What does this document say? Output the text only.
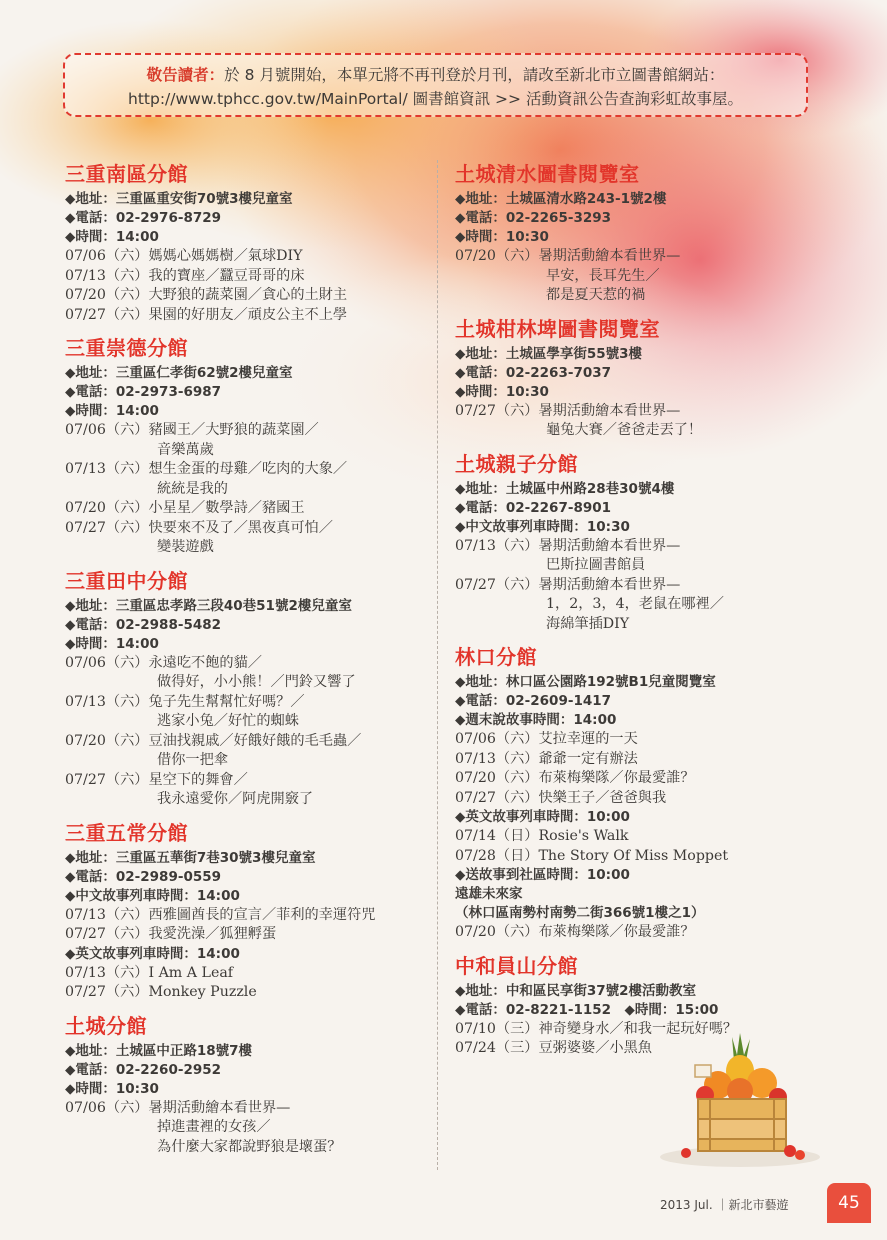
敬告讀者：於 8 月號開始，本單元將不再刊登於月刊，請改至新北市立圖書館網站：
http://www.tphcc.gov.tw/MainPortal/ 圖書館資訊 >> 活動資訊公告查詢彩虹故事屋。
三重南區分館
◆地址：三重區重安街70號3樓兒童室
◆電話：02-2976-8729
◆時間：14:00
07/06（六）媽媽心媽媽樹／氣球DIY
07/13（六）我的寶座／蠶豆哥哥的床
07/20（六）大野狼的蔬菜園／貪心的土財主
07/27（六）果園的好朋友／頑皮公主不上學
三重崇德分館
◆地址：三重區仁孝街62號2樓兒童室
◆電話：02-2973-6987
◆時間：14:00
07/06（六）豬國王／大野狼的蔬菜園／
音樂萬歲
07/13（六）想生金蛋的母雞／吃肉的大象／
統統是我的
07/20（六）小星星／數學詩／豬國王
07/27（六）快要來不及了／黑夜真可怕／
變裝遊戲
三重田中分館
◆地址：三重區忠孝路三段40巷51號2樓兒童室
◆電話：02-2988-5482
◆時間：14:00
07/06（六）永遠吃不飽的貓／
做得好，小小熊！／門鈴又響了
07/13（六）兔子先生幫幫忙好嗎？／
逃家小兔／好忙的蜘蛛
07/20（六）豆油找親戚／好餓好餓的毛毛蟲／
借你一把傘
07/27（六）星空下的舞會／
我永遠愛你／阿虎開竅了
三重五常分館
◆地址：三重區五華街7巷30號3樓兒童室
◆電話：02-2989-0559
◆中文故事列車時間：14:00
07/13（六）西雅圖酋長的宣言／菲利的幸運符咒
07/27（六）我愛洗澡／狐狸孵蛋
◆英文故事列車時間：14:00
07/13（六）I Am A Leaf
07/27（六）Monkey Puzzle
土城分館
◆地址：土城區中正路18號7樓
◆電話：02-2260-2952
◆時間：10:30
07/06（六）暑期活動繪本看世界—
掉進畫裡的女孩／
為什麼大家都說野狼是壞蛋？
土城清水圖書閱覽室
◆地址：土城區清水路243-1號2樓
◆電話：02-2265-3293
◆時間：10:30
07/20（六）暑期活動繪本看世界—
早安，長耳先生／
都是夏天惹的禍
土城柑林埤圖書閱覽室
◆地址：土城區學享街55號3樓
◆電話：02-2263-7037
◆時間：10:30
07/27（六）暑期活動繪本看世界—
龜兔大賽／爸爸走丟了！
土城親子分館
◆地址：土城區中州路28巷30號4樓
◆電話：02-2267-8901
◆中文故事列車時間：10:30
07/13（六）暑期活動繪本看世界—
巴斯拉圖書館員
07/27（六）暑期活動繪本看世界—
1，2，3，4，老鼠在哪裡／
海綿筆插DIY
林口分館
◆地址：林口區公園路192號B1兒童閱覽室
◆電話：02-2609-1417
◆週末說故事時間：14:00
07/06（六）艾拉幸運的一天
07/13（六）爺爺一定有辦法
07/20（六）布萊梅樂隊／你最愛誰？
07/27（六）快樂王子／爸爸與我
◆英文故事列車時間：10:00
07/14（日）Rosie's Walk
07/28（日）The Story Of Miss Moppet
◆送故事到社區時間：10:00
遠雄未來家
（林口區南勢村南勢二街366號1樓之1）
07/20（六）布萊梅樂隊／你最愛誰？
中和員山分館
◆地址：中和區民享街37號2樓活動教室
◆電話：02-8221-1152　◆時間：15:00
07/10（三）神奇變身水／和我一起玩好嗎？
07/24（三）豆粥婆婆／小黑魚
2013 Jul. ｜新北市藝遊	45
